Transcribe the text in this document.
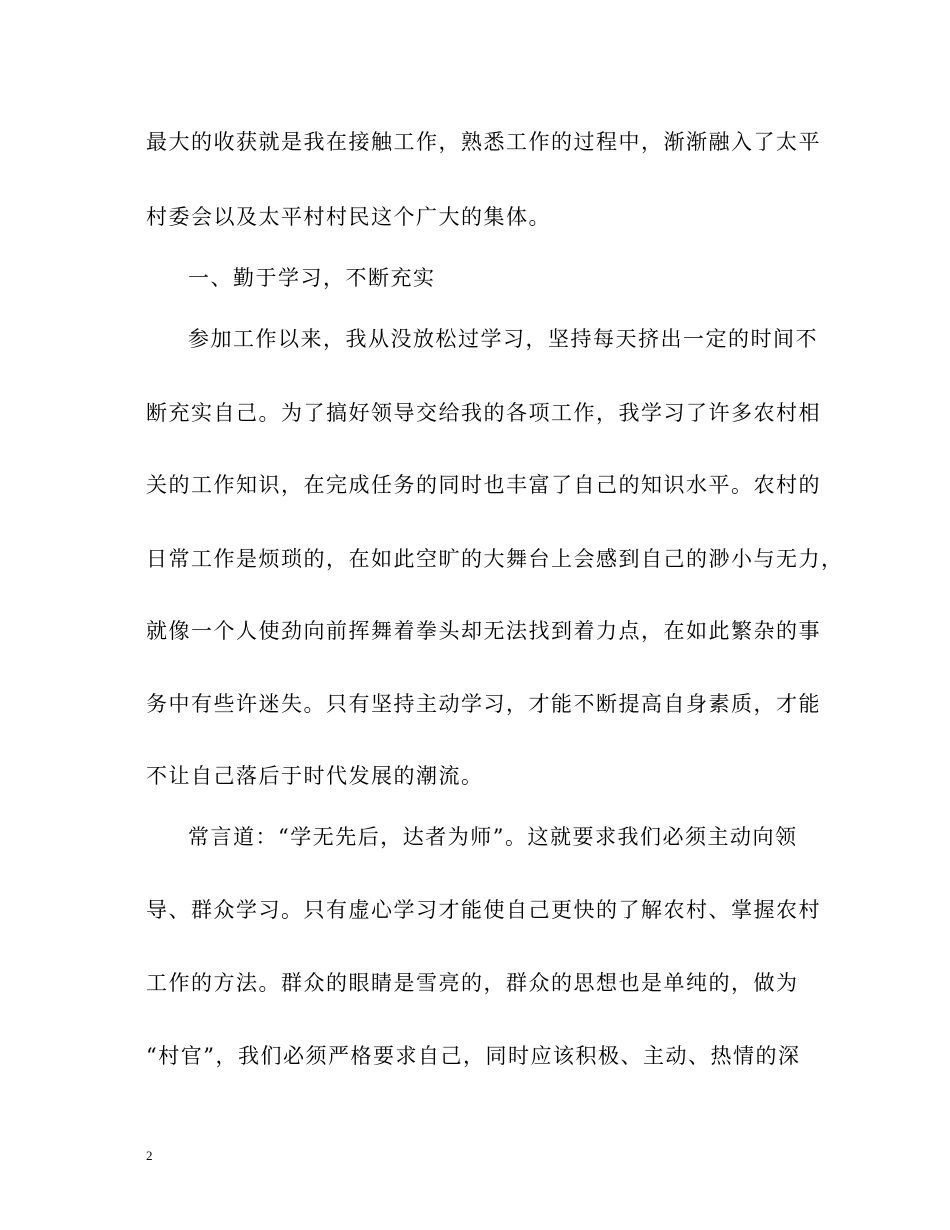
最大的收获就是我在接触工作，熟悉工作的过程中，渐渐融入了太平
村委会以及太平村村民这个广大的集体。
一、勤于学习，不断充实
参加工作以来，我从没放松过学习，坚持每天挤出一定的时间不
断充实自己。为了搞好领导交给我的各项工作，我学习了许多农村相
关的工作知识，在完成任务的同时也丰富了自己的知识水平。农村的
日常工作是烦琐的，在如此空旷的大舞台上会感到自己的渺小与无力，
就像一个人使劲向前挥舞着拳头却无法找到着力点，在如此繁杂的事
务中有些许迷失。只有坚持主动学习，才能不断提高自身素质，才能
不让自己落后于时代发展的潮流。
常言道：“学无先后，达者为师”。这就要求我们必须主动向领
导、群众学习。只有虚心学习才能使自己更快的了解农村、掌握农村
工作的方法。群众的眼睛是雪亮的，群众的思想也是单纯的，做为
“村官”，我们必须严格要求自己，同时应该积极、主动、热情的深
2
